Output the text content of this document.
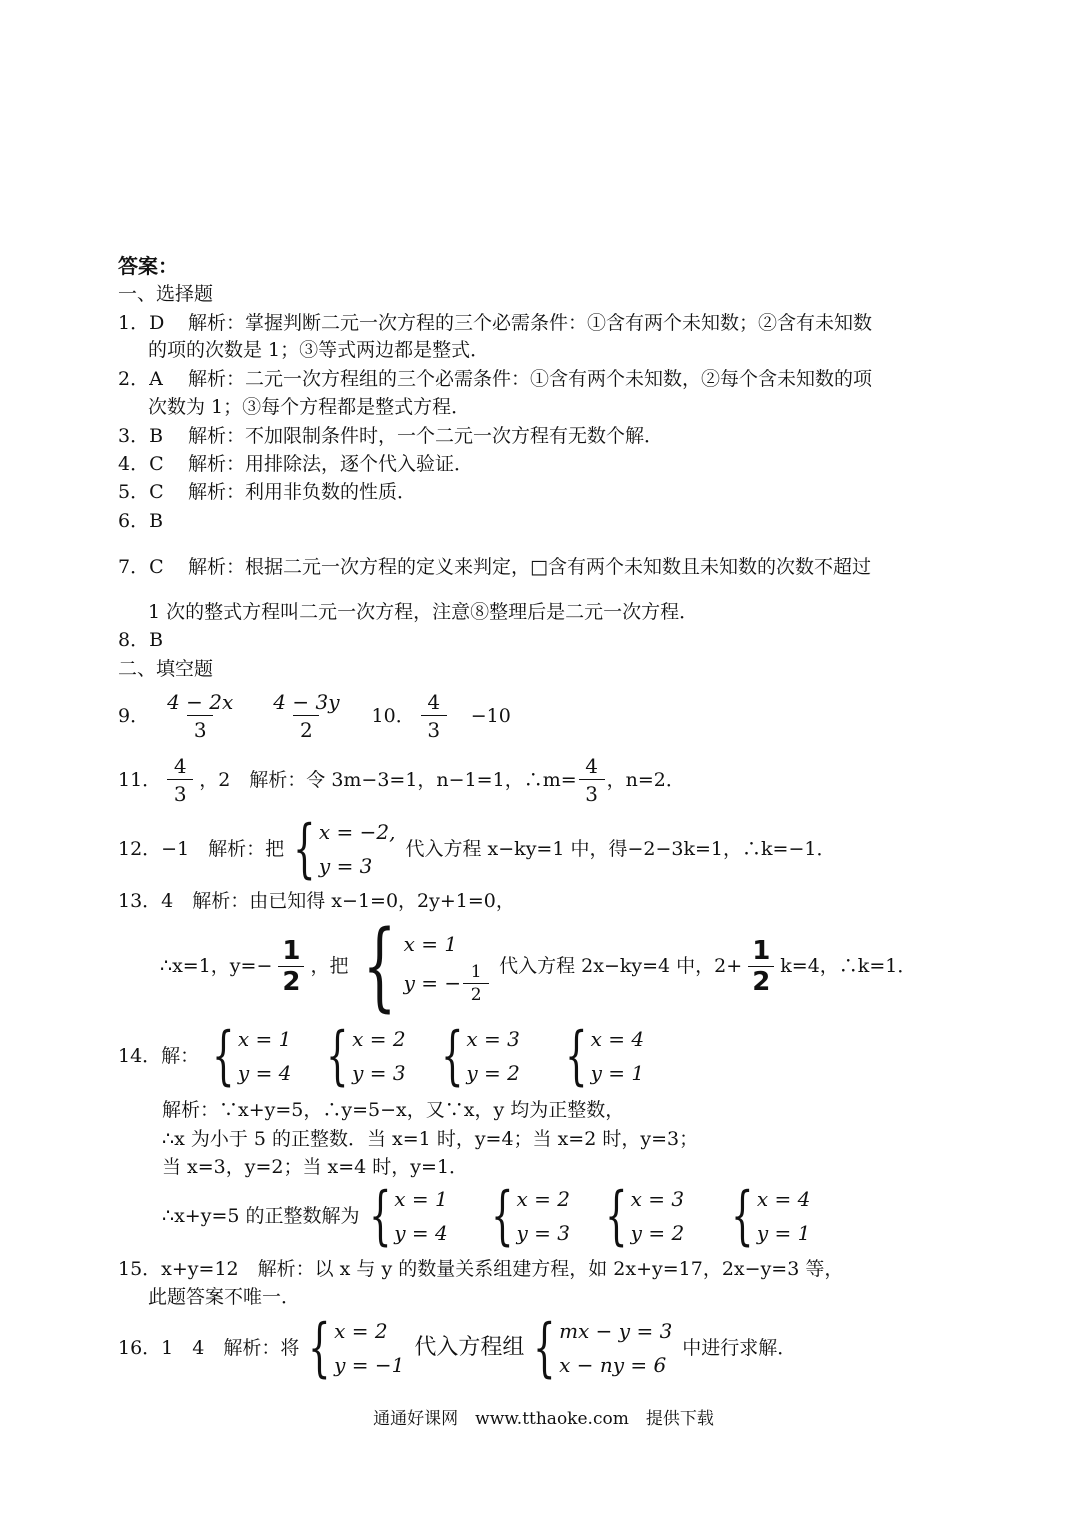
答案：
一、选择题
1．D 解析：掌握判断二元一次方程的三个必需条件：①含有两个未知数；②含有未知数
的项的次数是 1；③等式两边都是整式．
2．A 解析：二元一次方程组的三个必需条件：①含有两个未知数，②每个含未知数的项
次数为 1；③每个方程都是整式方程．
3．B 解析：不加限制条件时，一个二元一次方程有无数个解．
4．C 解析：用排除法，逐个代入验证．
5．C 解析：利用非负数的性质．
6．B
7．C 解析：根据二元一次方程的定义来判定，□含有两个未知数且未知数的次数不超过
1 次的整式方程叫二元一次方程，注意⑧整理后是二元一次方程．
8．B
二、填空题
9． $\frac{4 - 2x}{3} \frac{4 - 3y}{2} 10$． $\frac{4}{3} -10$
11． $\frac{4}{3}$ ，2　解析：令 3m−3=1，n−1=1，∴m= $\frac{4}{3}$ ，n=2．
12．−1　解析：把 { x = −2,
y = 3
代入方程 x−ky=1 中，得−2−3k=1，∴k=−1．
13．4　解析：由已知得 x−1=0，2y+1=0，
∴x=1，$y=- \frac{1}{2}$ ，把 { x = 1
y = − $\frac{1}{2}$ 代入方程 2x−ky=4 中，$2+ \frac{1}{2} k=4$，∴k=1．
14．解： { x = 1
y = 4 { x = 2
y = 3 { x = 3
y = 2 { x = 4
y = 1
解析：∵x+y=5，∴y=5−x，又∵x，y 均为正整数，
∴x 为小于 5 的正整数．当 x=1 时，y=4；当 x=2 时，y=3；
当 x=3，y=2；当 x=4 时，y=1．
∴x+y=5 的正整数解为 { x = 1
y = 4 { x = 2
y = 3 { x = 3
y = 2 { x = 4
y = 1
15．x+y=12　解析：以 x 与 y 的数量关系组建方程，如 2x+y=17，2x−y=3 等，
此题答案不唯一．
16．1　4　解析：将 { x = 2
y = −1
代入方程组 { mx − y = 3
x − ny = 6
中进行求解．
通通好课网　www.tthaoke.com　提供下载
